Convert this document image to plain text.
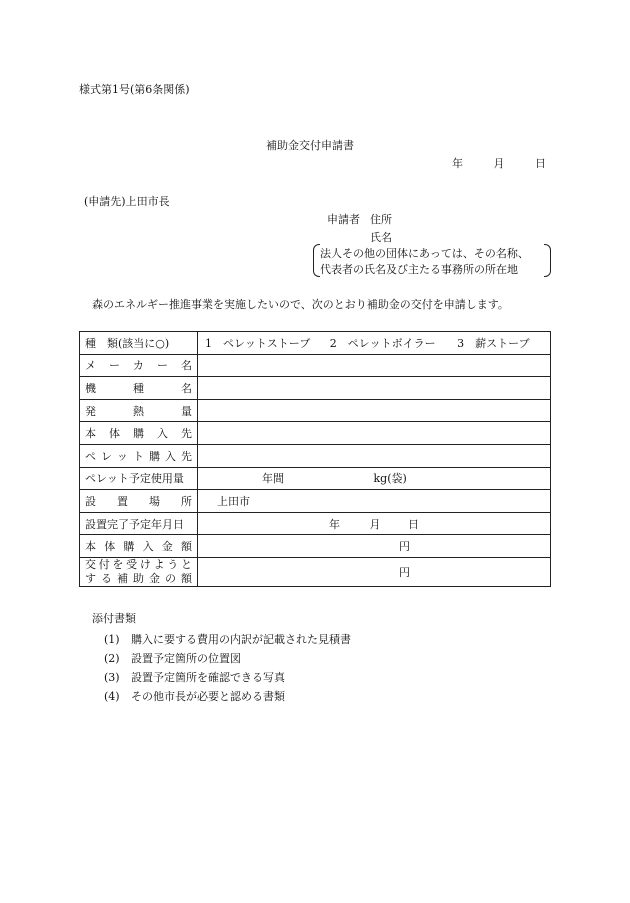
様式第1号(第6条関係)
補助金交付申請書
年	月	日
(申請先)上田市長
申請者 住所
氏名
法人その他の団体にあっては、その名称、
代表者の氏名及び主たる事務所の所在地
森のエネルギー推進事業を実施したいので、次のとおり補助金の交付を申請します。
種　類(該当に○)	1　ペレットストーブ 2　ペレットボイラー 3　薪ストーブ
メーカー名	
機種名	
発熱量	
本体購入先	
ペレット購入先	
ペレット予定使用量	年間 kg(袋)
設置場所	上田市
設置完了予定年月日	年 月 日
本体購入金額	円

交付を受けようと
する補助金の額	円
添付書類
(1) 購入に要する費用の内訳が記載された見積書
(2) 設置予定箇所の位置図
(3) 設置予定箇所を確認できる写真
(4) その他市長が必要と認める書類
